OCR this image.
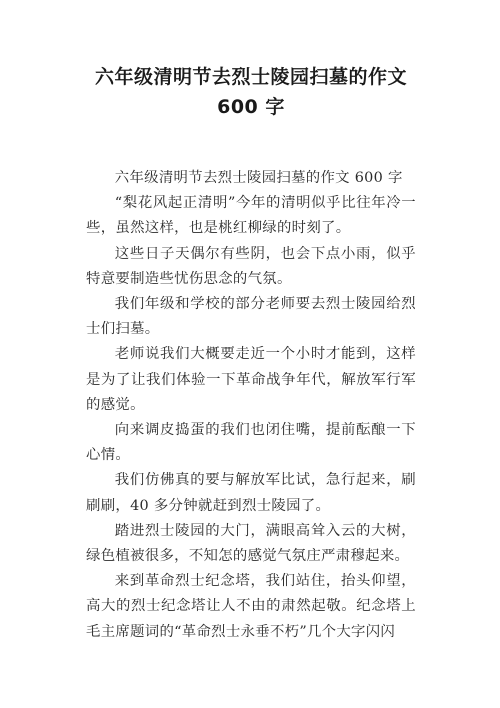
六年级清明节去烈士陵园扫墓的作文
600 字

六年级清明节去烈士陵园扫墓的作文 600 字

“梨花风起正清明”今年的清明似乎比往年冷一些，虽然这样，也是桃红柳绿的时刻了。

这些日子天偶尔有些阴，也会下点小雨，似乎特意要制造些忧伤思念的气氛。

我们年级和学校的部分老师要去烈士陵园给烈士们扫墓。

老师说我们大概要走近一个小时才能到，这样是为了让我们体验一下革命战争年代，解放军行军的感觉。

向来调皮捣蛋的我们也闭住嘴，提前酝酿一下心情。

我们仿佛真的要与解放军比试，急行起来，刷刷刷，40 多分钟就赶到烈士陵园了。

踏进烈士陵园的大门，满眼高耸入云的大树，绿色植被很多，不知怎的感觉气氛庄严肃穆起来。

来到革命烈士纪念塔，我们站住，抬头仰望，高大的烈士纪念塔让人不由的肃然起敬。纪念塔上毛主席题词的“革命烈士永垂不朽”几个大字闪闪
